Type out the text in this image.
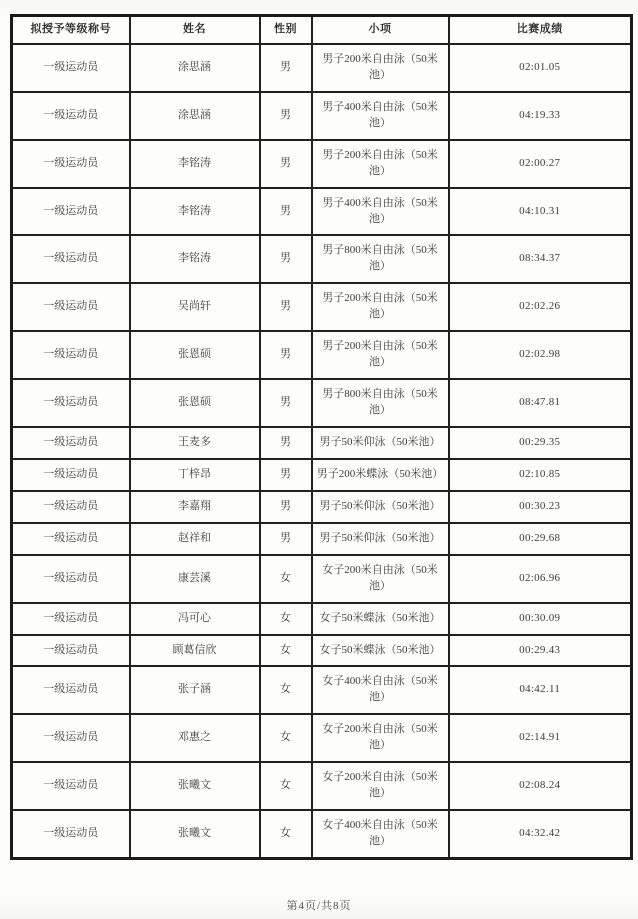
拟授予等级称号	姓名	性别	小项	比赛成绩
一级运动员	涂思涵	男	男子200米自由泳（50米池）	02:01.05
一级运动员	涂思涵	男	男子400米自由泳（50米池）	04:19.33
一级运动员	李铭涛	男	男子200米自由泳（50米池）	02:00.27
一级运动员	李铭涛	男	男子400米自由泳（50米池）	04:10.31
一级运动员	李铭涛	男	男子800米自由泳（50米池）	08:34.37
一级运动员	吴尚轩	男	男子200米自由泳（50米池）	02:02.26
一级运动员	张恩硕	男	男子200米自由泳（50米池）	02:02.98
一级运动员	张恩硕	男	男子800米自由泳（50米池）	08:47.81
一级运动员	王麦多	男	男子50米仰泳（50米池）	00:29.35
一级运动员	丁梓昂	男	男子200米蝶泳（50米池）	02:10.85
一级运动员	李嘉翔	男	男子50米仰泳（50米池）	00:30.23
一级运动员	赵祥和	男	男子50米仰泳（50米池）	00:29.68
一级运动员	康芸溪	女	女子200米自由泳（50米池）	02:06.96
一级运动员	冯可心	女	女子50米蝶泳（50米池）	00:30.09
一级运动员	顾葛信欣	女	女子50米蝶泳（50米池）	00:29.43
一级运动员	张子涵	女	女子400米自由泳（50米池）	04:42.11
一级运动员	邓惠之	女	女子200米自由泳（50米池）	02:14.91
一级运动员	张曦文	女	女子200米自由泳（50米池）	02:08.24
一级运动员	张曦文	女	女子400米自由泳（50米池）	04:32.42
第4页/共8页
